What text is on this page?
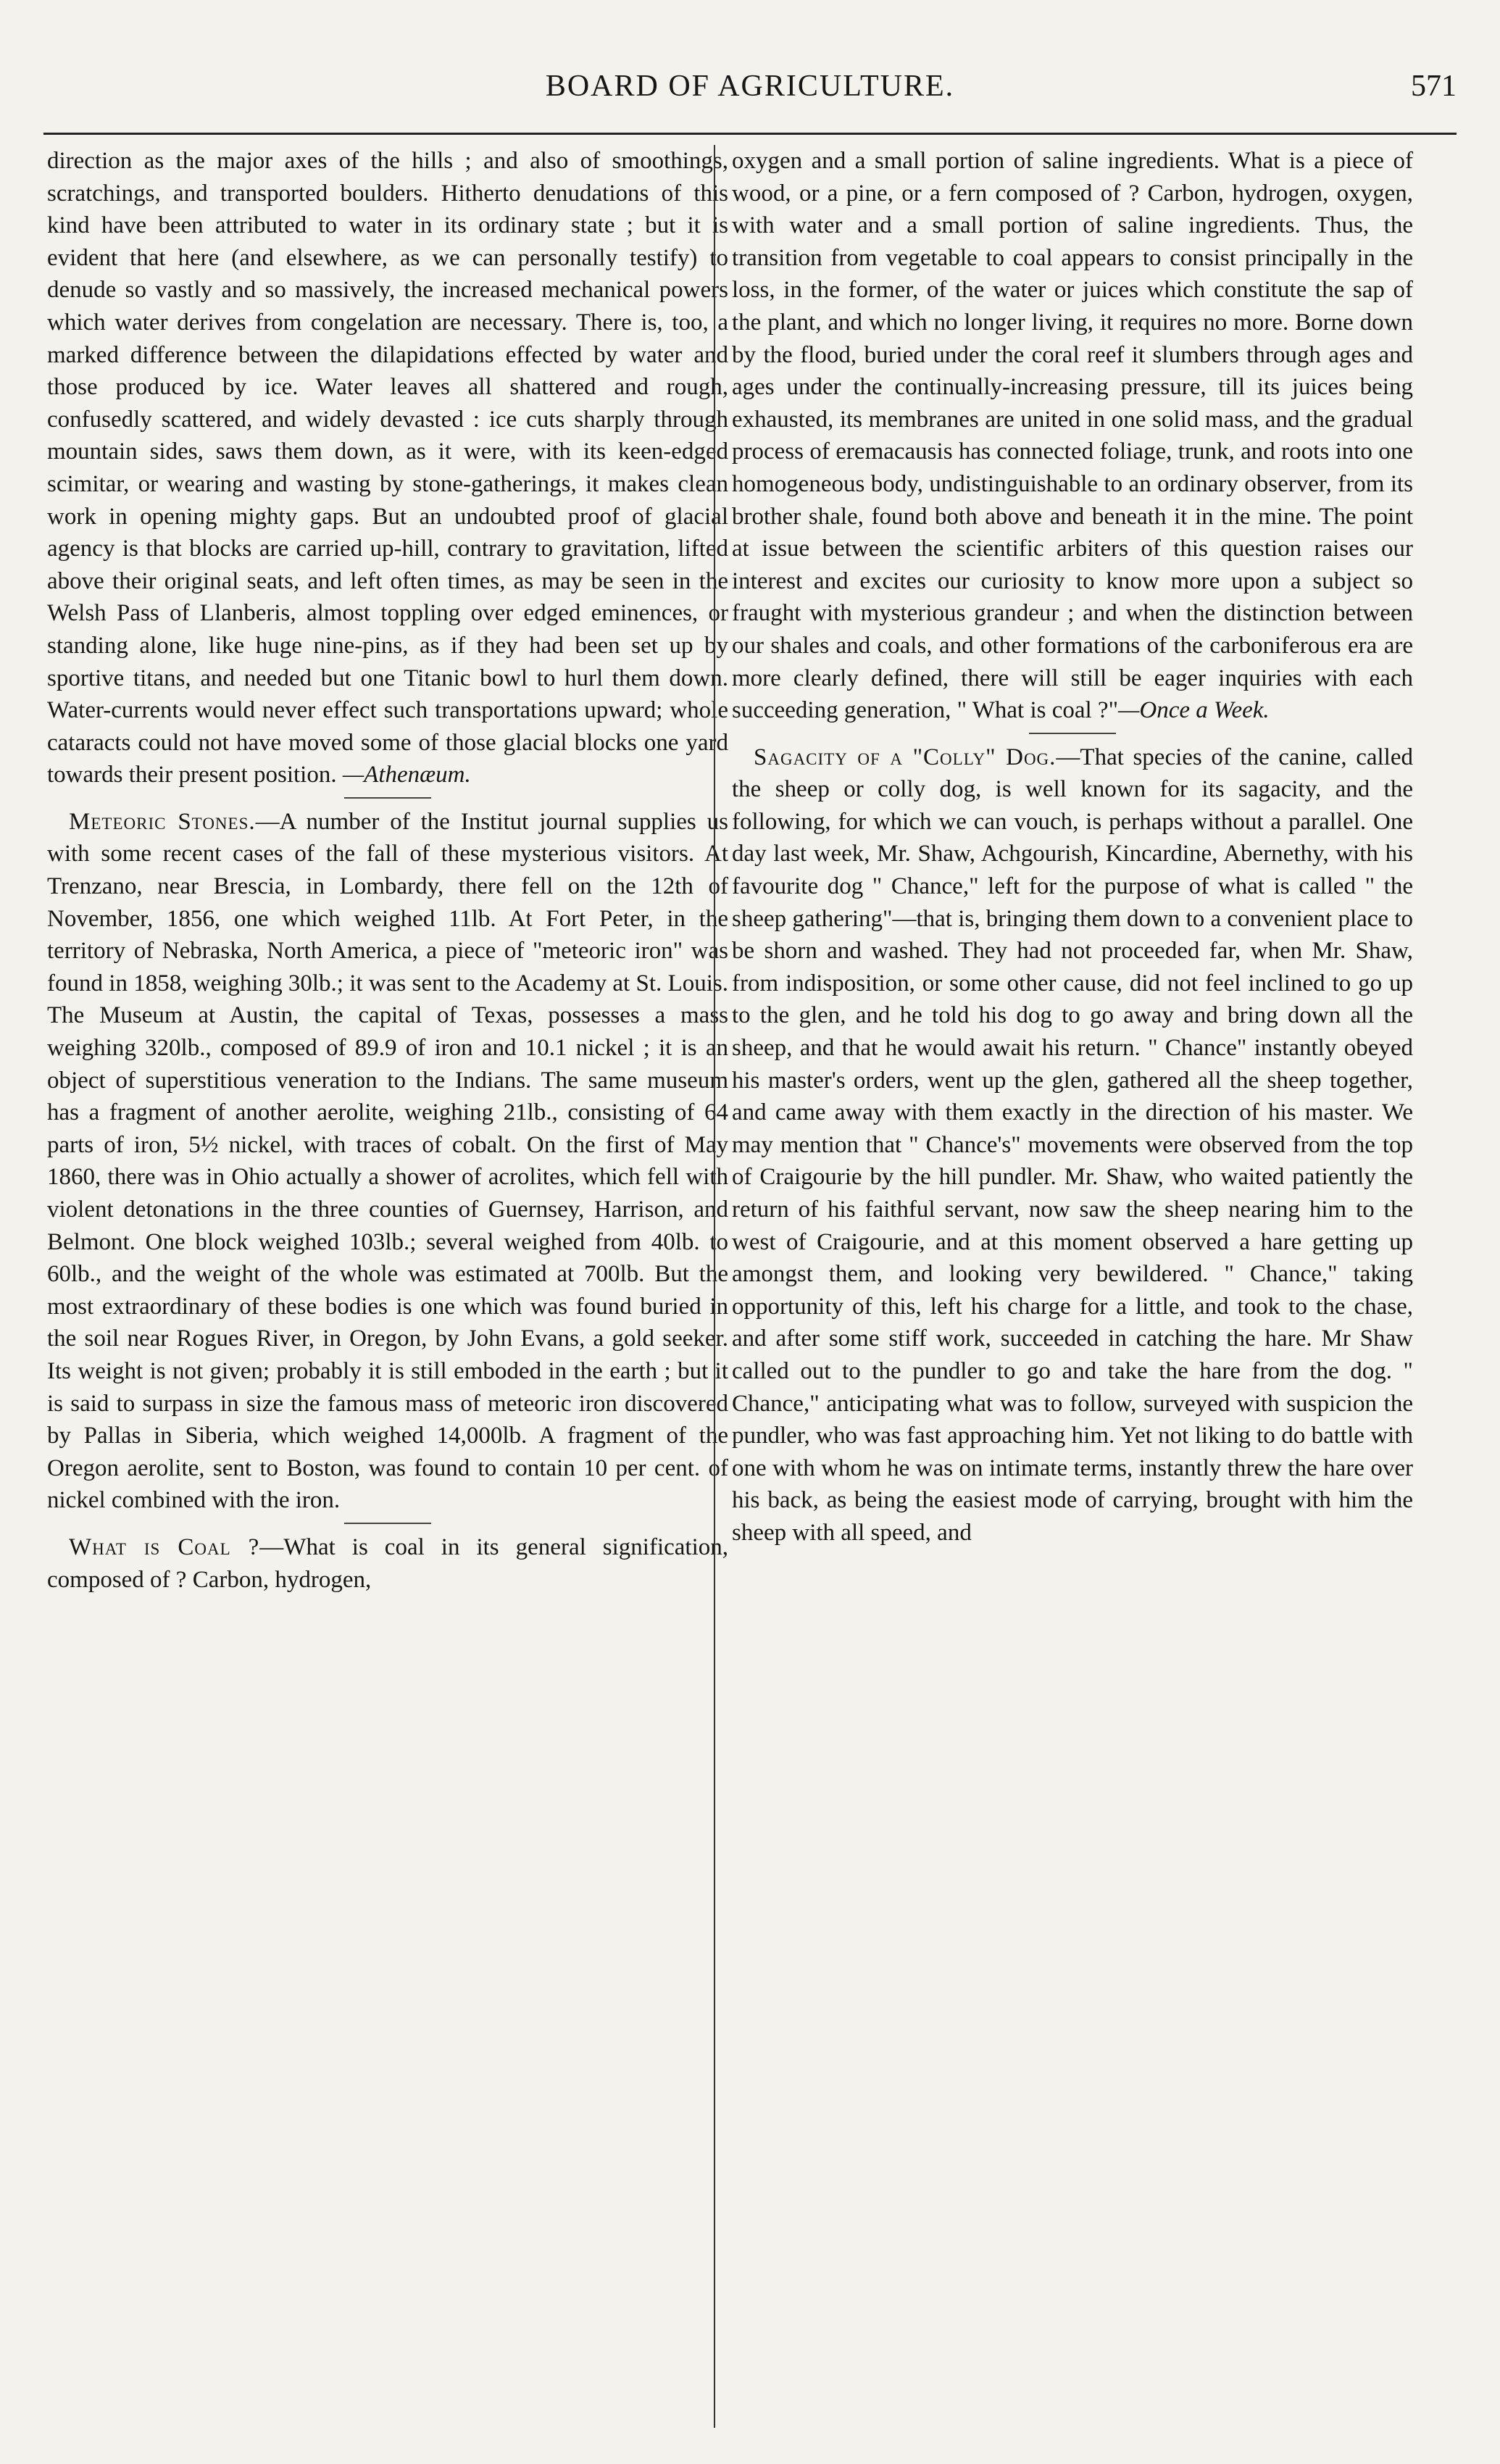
BOARD OF AGRICULTURE.	571

direction as the major axes of the hills ; and also of smoothings, scratchings, and transported boulders. Hitherto denudations of this kind have been attributed to water in its ordinary state ; but it is evident that here (and elsewhere, as we can personally testify) to denude so vastly and so massively, the increased mechanical powers which water derives from congelation are necessary. There is, too, a marked difference between the dilapidations effected by water and those produced by ice. Water leaves all shattered and rough, confusedly scattered, and widely devasted : ice cuts sharply through mountain sides, saws them down, as it were, with its keen-edged scimitar, or wearing and wasting by stone-gatherings, it makes clean work in opening mighty gaps. But an undoubted proof of glacial agency is that blocks are carried up-hill, contrary to gravitation, lifted above their original seats, and left often times, as may be seen in the Welsh Pass of Llanberis, almost toppling over edged eminences, or standing alone, like huge nine-pins, as if they had been set up by sportive titans, and needed but one Titanic bowl to hurl them down. Water-currents would never effect such transportations upward; whole cataracts could not have moved some of those glacial blocks one yard towards their present position. —Athenæum.

Meteoric Stones.—A number of the Institut journal supplies us with some recent cases of the fall of these mysterious visitors. At Trenzano, near Brescia, in Lombardy, there fell on the 12th of November, 1856, one which weighed 11lb. At Fort Peter, in the territory of Nebraska, North America, a piece of "meteoric iron" was found in 1858, weighing 30lb.; it was sent to the Academy at St. Louis. The Museum at Austin, the capital of Texas, possesses a mass weighing 320lb., composed of 89.9 of iron and 10.1 nickel ; it is an object of superstitious veneration to the Indians. The same museum has a fragment of another aerolite, weighing 21lb., consisting of 64 parts of iron, 5½ nickel, with traces of cobalt. On the first of May 1860, there was in Ohio actually a shower of acrolites, which fell with violent detonations in the three counties of Guernsey, Harrison, and Belmont. One block weighed 103lb.; several weighed from 40lb. to 60lb., and the weight of the whole was estimated at 700lb. But the most extraordinary of these bodies is one which was found buried in the soil near Rogues River, in Oregon, by John Evans, a gold seeker. Its weight is not given; probably it is still emboded in the earth ; but it is said to surpass in size the famous mass of meteoric iron discovered by Pallas in Siberia, which weighed 14,000lb. A fragment of the Oregon aerolite, sent to Boston, was found to contain 10 per cent. of nickel combined with the iron.

What is Coal ?—What is coal in its general signification, composed of ? Carbon, hydrogen,

oxygen and a small portion of saline ingredients. What is a piece of wood, or a pine, or a fern composed of ? Carbon, hydrogen, oxygen, with water and a small portion of saline ingredients. Thus, the transition from vegetable to coal appears to consist principally in the loss, in the former, of the water or juices which constitute the sap of the plant, and which no longer living, it requires no more. Borne down by the flood, buried under the coral reef it slumbers through ages and ages under the continually-increasing pressure, till its juices being exhausted, its membranes are united in one solid mass, and the gradual process of eremacausis has connected foliage, trunk, and roots into one homogeneous body, undistinguishable to an ordinary observer, from its brother shale, found both above and beneath it in the mine. The point at issue between the scientific arbiters of this question raises our interest and excites our curiosity to know more upon a subject so fraught with mysterious grandeur ; and when the distinction between our shales and coals, and other formations of the carboniferous era are more clearly defined, there will still be eager inquiries with each succeeding generation, " What is coal ?"—Once a Week.

Sagacity of a "Colly" Dog.—That species of the canine, called the sheep or colly dog, is well known for its sagacity, and the following, for which we can vouch, is perhaps without a parallel. One day last week, Mr. Shaw, Achgourish, Kincardine, Abernethy, with his favourite dog " Chance," left for the purpose of what is called " the sheep gathering"—that is, bringing them down to a convenient place to be shorn and washed. They had not proceeded far, when Mr. Shaw, from indisposition, or some other cause, did not feel inclined to go up to the glen, and he told his dog to go away and bring down all the sheep, and that he would await his return. " Chance" instantly obeyed his master's orders, went up the glen, gathered all the sheep together, and came away with them exactly in the direction of his master. We may mention that " Chance's" movements were observed from the top of Craigourie by the hill pundler. Mr. Shaw, who waited patiently the return of his faithful servant, now saw the sheep nearing him to the west of Craigourie, and at this moment observed a hare getting up amongst them, and looking very bewildered. " Chance," taking opportunity of this, left his charge for a little, and took to the chase, and after some stiff work, succeeded in catching the hare. Mr Shaw called out to the pundler to go and take the hare from the dog. " Chance," anticipating what was to follow, surveyed with suspicion the pundler, who was fast approaching him. Yet not liking to do battle with one with whom he was on intimate terms, instantly threw the hare over his back, as being the easiest mode of carrying, brought with him the sheep with all speed, and
